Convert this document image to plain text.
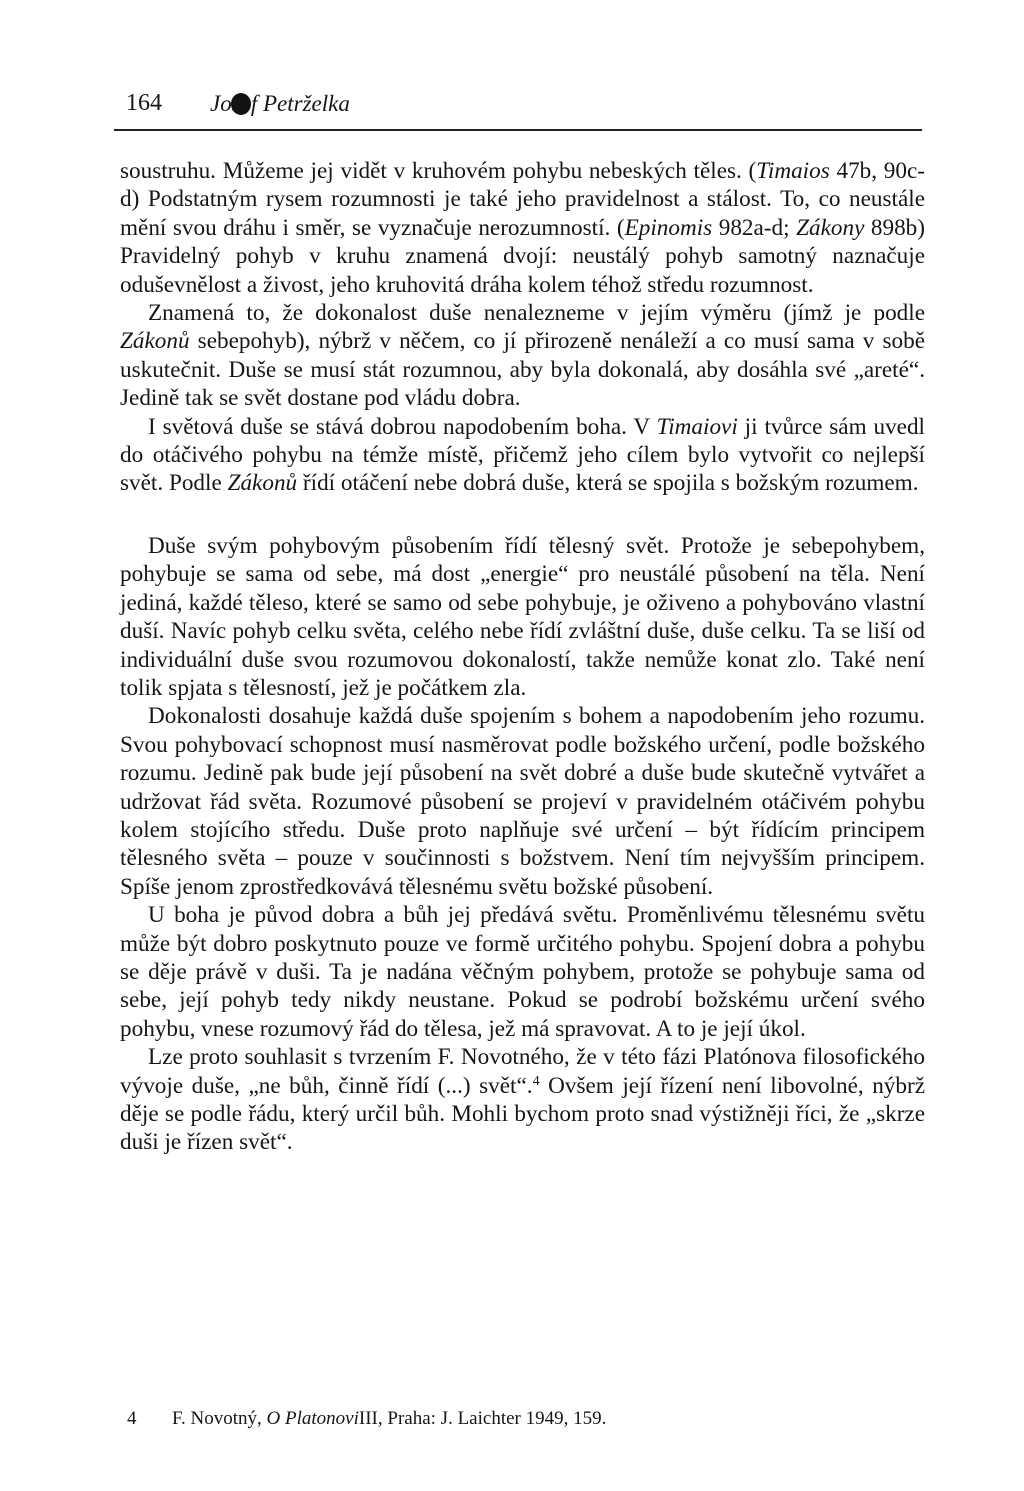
164 Josef Petrželka

soustruhu. Můžeme jej vidět v kruhovém pohybu nebeských těles. (Timaios 47b, 90c-d) Podstatným rysem rozumnosti je také jeho pravidelnost a stálost. To, co neustále mění svou dráhu i směr, se vyznačuje nerozumností. (Epinomis 982a-d; Zákony 898b) Pravidelný pohyb v kruhu znamená dvojí: neustálý pohyb samotný naznačuje oduševnělost a živost, jeho kruhovitá dráha kolem téhož středu rozumnost.

Znamená to, že dokonalost duše nenalezneme v jejím výměru (jímž je podle Zákonů sebepohyb), nýbrž v něčem, co jí přirozeně nenáleží a co musí sama v sobě uskutečnit. Duše se musí stát rozumnou, aby byla dokonalá, aby dosáhla své „areté“. Jedině tak se svět dostane pod vládu dobra.

I světová duše se stává dobrou napodobením boha. V Timaiovi ji tvůrce sám uvedl do otáčivého pohybu na témže místě, přičemž jeho cílem bylo vytvořit co nejlepší svět. Podle Zákonů řídí otáčení nebe dobrá duše, která se spojila s božským rozumem.

Duše svým pohybovým působením řídí tělesný svět. Protože je sebepohybem, pohybuje se sama od sebe, má dost „energie“ pro neustálé působení na těla. Není jediná, každé těleso, které se samo od sebe pohybuje, je oživeno a pohybováno vlastní duší. Navíc pohyb celku světa, celého nebe řídí zvláštní duše, duše celku. Ta se liší od individuální duše svou rozumovou dokonalostí, takže nemůže konat zlo. Také není tolik spjata s tělesností, jež je počátkem zla.

Dokonalosti dosahuje každá duše spojením s bohem a napodobením jeho rozumu. Svou pohybovací schopnost musí nasměrovat podle božského určení, podle božského rozumu. Jedině pak bude její působení na svět dobré a duše bude skutečně vytvářet a udržovat řád světa. Rozumové působení se projeví v pravidelném otáčivém pohybu kolem stojícího středu. Duše proto naplňuje své určení – být řídícím principem tělesného světa – pouze v součinnosti s božstvem. Není tím nejvyšším principem. Spíše jenom zprostředkovává tělesnému světu božské působení.

U boha je původ dobra a bůh jej předává světu. Proměnlivému tělesnému světu může být dobro poskytnuto pouze ve formě určitého pohybu. Spojení dobra a pohybu se děje právě v duši. Ta je nadána věčným pohybem, protože se pohybuje sama od sebe, její pohyb tedy nikdy neustane. Pokud se podrobí božskému určení svého pohybu, vnese rozumový řád do tělesa, jež má spravovat. A to je její úkol.

Lze proto souhlasit s tvrzením F. Novotného, že v této fázi Platónova filosofického vývoje duše, „ne bůh, činně řídí (...) svět“.$^4$ Ovšem její řízení není libovolné, nýbrž děje se podle řádu, který určil bůh. Mohli bychom proto snad výstižněji říci, že „skrze duši je řízen svět“.

4 F. Novotný, O PlatonoviIII, Praha: J. Laichter 1949, 159.
